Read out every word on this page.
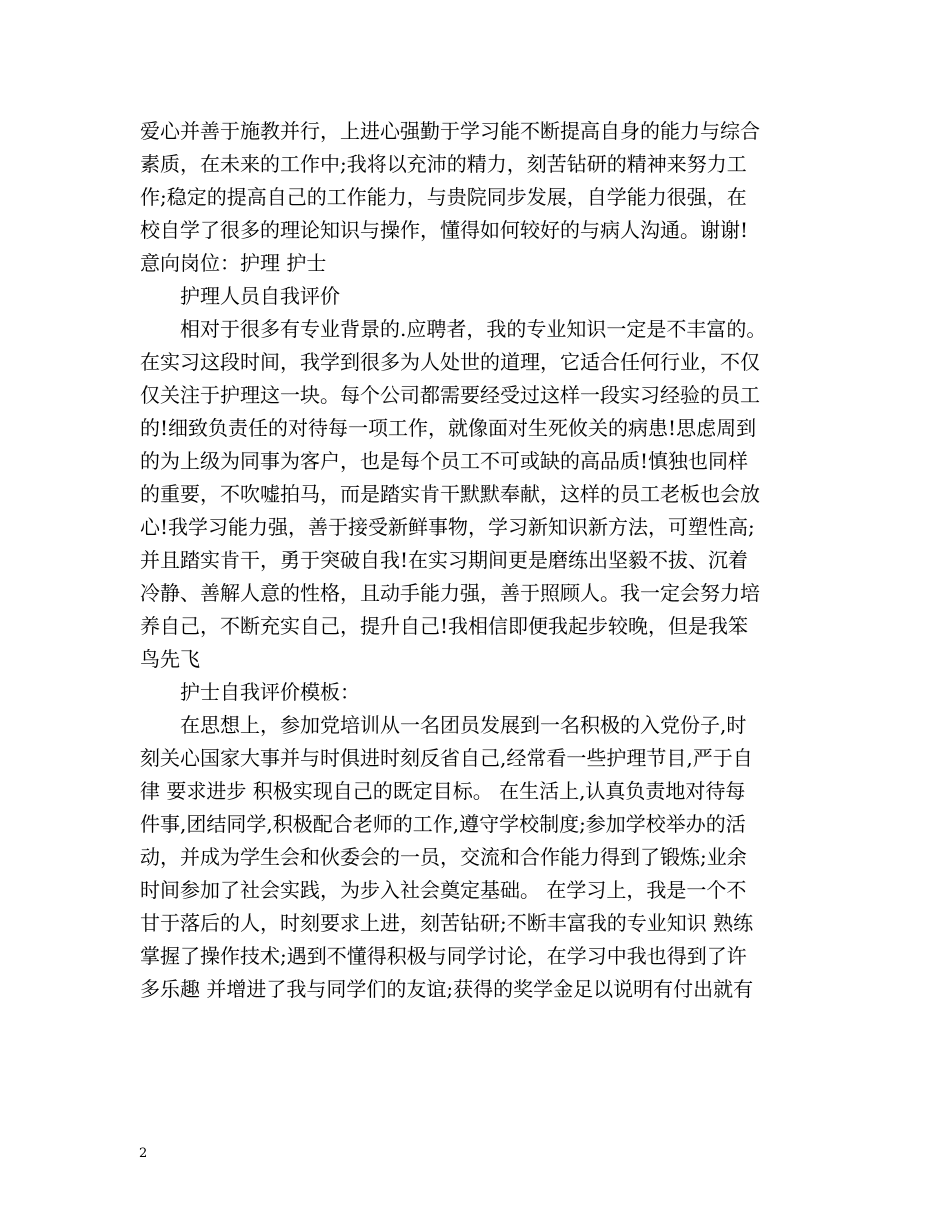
爱心并善于施教并行，上进心强勤于学习能不断提高自身的能力与综合
素质，在未来的工作中;我将以充沛的精力，刻苦钻研的精神来努力工
作;稳定的提高自己的工作能力，与贵院同步发展，自学能力很强，在
校自学了很多的理论知识与操作，懂得如何较好的与病人沟通。谢谢!
意向岗位：护理 护士
护理人员自我评价
相对于很多有专业背景的.应聘者，我的专业知识一定是不丰富的。
在实习这段时间，我学到很多为人处世的道理，它适合任何行业，不仅
仅关注于护理这一块。每个公司都需要经受过这样一段实习经验的员工
的!细致负责任的对待每一项工作，就像面对生死攸关的病患!思虑周到
的为上级为同事为客户，也是每个员工不可或缺的高品质!慎独也同样
的重要，不吹嘘拍马，而是踏实肯干默默奉献，这样的员工老板也会放
心!我学习能力强，善于接受新鲜事物，学习新知识新方法，可塑性高;
并且踏实肯干，勇于突破自我!在实习期间更是磨练出坚毅不拔、沉着
冷静、善解人意的性格，且动手能力强，善于照顾人。我一定会努力培
养自己，不断充实自己，提升自己!我相信即便我起步较晚，但是我笨
鸟先飞
护士自我评价模板：
在思想上，参加党培训从一名团员发展到一名积极的入党份子,时
刻关心国家大事并与时俱进时刻反省自己,经常看一些护理节目,严于自
律 要求进步 积极实现自己的既定目标。 在生活上,认真负责地对待每
件事,团结同学,积极配合老师的工作,遵守学校制度;参加学校举办的活
动，并成为学生会和伙委会的一员，交流和合作能力得到了锻炼;业余
时间参加了社会实践，为步入社会奠定基础。 在学习上，我是一个不
甘于落后的人，时刻要求上进，刻苦钻研;不断丰富我的专业知识 熟练
掌握了操作技术;遇到不懂得积极与同学讨论，在学习中我也得到了许
多乐趣 并增进了我与同学们的友谊;获得的奖学金足以说明有付出就有
2
